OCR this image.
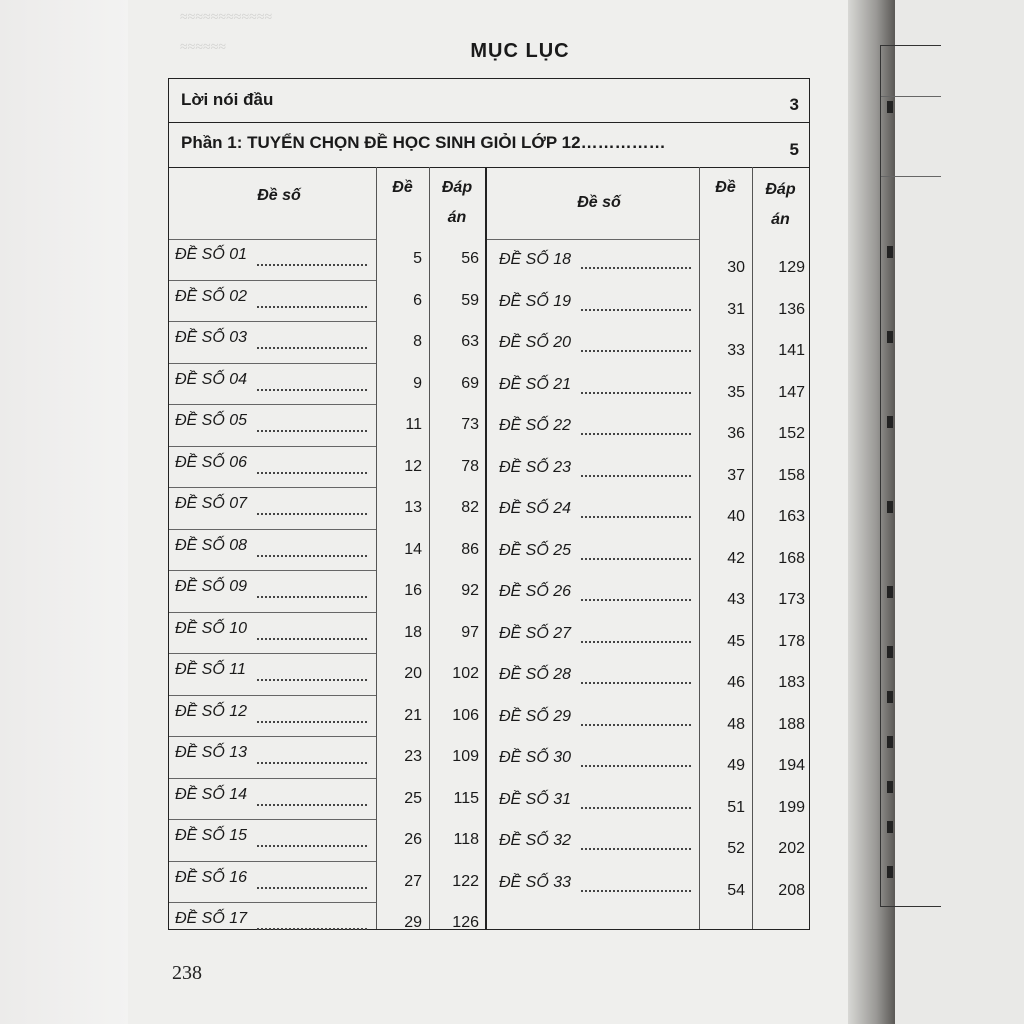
≈≈≈≈≈≈≈≈≈≈≈≈
≈≈≈≈≈≈	MỤC LỤC
Lời nói đầu	3
Phần 1: TUYỂN CHỌN ĐỀ HỌC SINH GIỎI LỚP 12……………	5
Đề số	Đề	Đáp
án
Đề số
Đề	Đáp
án
ĐỀ SỐ 01	5	56
ĐỀ SỐ 02	6	59
ĐỀ SỐ 03	8	63
ĐỀ SỐ 04	9	69
ĐỀ SỐ 05	11	73
ĐỀ SỐ 06	12	78
ĐỀ SỐ 07	13	82
ĐỀ SỐ 08	14	86
ĐỀ SỐ 09	16	92
ĐỀ SỐ 10	18	97
ĐỀ SỐ 11	20	102
ĐỀ SỐ 12	21	106
ĐỀ SỐ 13	23	109
ĐỀ SỐ 14	25	115
ĐỀ SỐ 15	26	118
ĐỀ SỐ 16	27	122
ĐỀ SỐ 17	29	126
ĐỀ SỐ 18	30	129
ĐỀ SỐ 19	31	136
ĐỀ SỐ 20	33	141
ĐỀ SỐ 21	35	147
ĐỀ SỐ 22	36	152
ĐỀ SỐ 23	37	158
ĐỀ SỐ 24	40	163
ĐỀ SỐ 25	42	168
ĐỀ SỐ 26	43	173
ĐỀ SỐ 27	45	178
ĐỀ SỐ 28	46	183
ĐỀ SỐ 29	48	188
ĐỀ SỐ 30	49	194
ĐỀ SỐ 31	51	199
ĐỀ SỐ 32	52	202
ĐỀ SỐ 33	54	208
238
